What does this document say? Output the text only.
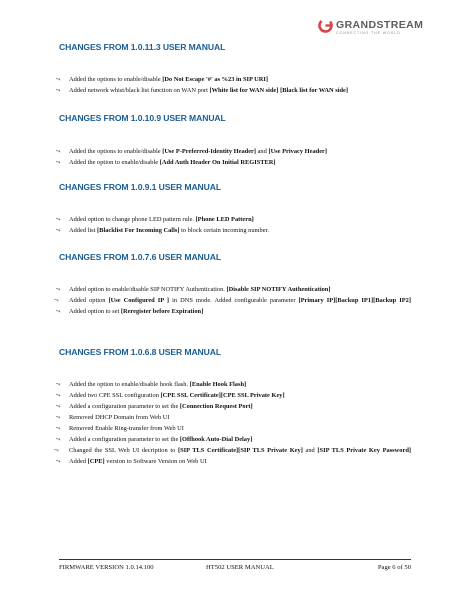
GRANDSTREAM
CONNECTING THE WORLD
CHANGES FROM 1.0.11.3 USER MANUAL
⤳ Added the options to enable/disable [Do Not Escape '#' as %23 in SIP URI]
⤳ Added network whist/black list function on WAN port [White list for WAN side] [Black list for WAN side]
CHANGES FROM 1.0.10.9 USER MANUAL
⤳ Added the options to enable/disable [Use P-Preferred-Identity Header] and [Use Privacy Header]
⤳ Added the option to enable/disable [Add Auth Header On Initial REGISTER]
CHANGES FROM 1.0.9.1 USER MANUAL
⤳ Added option to change phone LED pattern rule. [Phone LED Pattern]
⤳ Added list [Blacklist For Incoming Calls] to block certain incoming number.
CHANGES FROM 1.0.7.6 USER MANUAL
⤳ Added option to enable/disable SIP NOTIFY Authentication. [Disable SIP NOTIFY Authentication]
⤳	Added option [Use Configured IP ] in DNS mode. Added configurable parameter [Primary IP][Backup IP1][Backup IP2]
⤳ Added option to set [Reregister before Expiration]
CHANGES FROM 1.0.6.8 USER MANUAL
⤳ Added the option to enable/disable hook flash. [Enable Hook Flash]
⤳ Added two CPE SSL configuration [CPE SSL Certificate][CPE SSL Private Key]
⤳ Added a configuration parameter to set the [Connection Request Port]
⤳ Removed DHCP Domain from Web UI
⤳ Removed Enable Ring-transfer from Web UI
⤳ Added a configuration parameter to set the [Offhook Auto-Dial Delay]
⤳	Changed the SSL Web UI decription to [SIP TLS Certificate][SIP TLS Private Key] and [SIP TLS Private Key Password]
⤳ Added [CPE] version to Software Version on Web UI
FIRMWARE VERSION 1.0.14.100	HT502 USER MANUAL	Page 6 of 50
